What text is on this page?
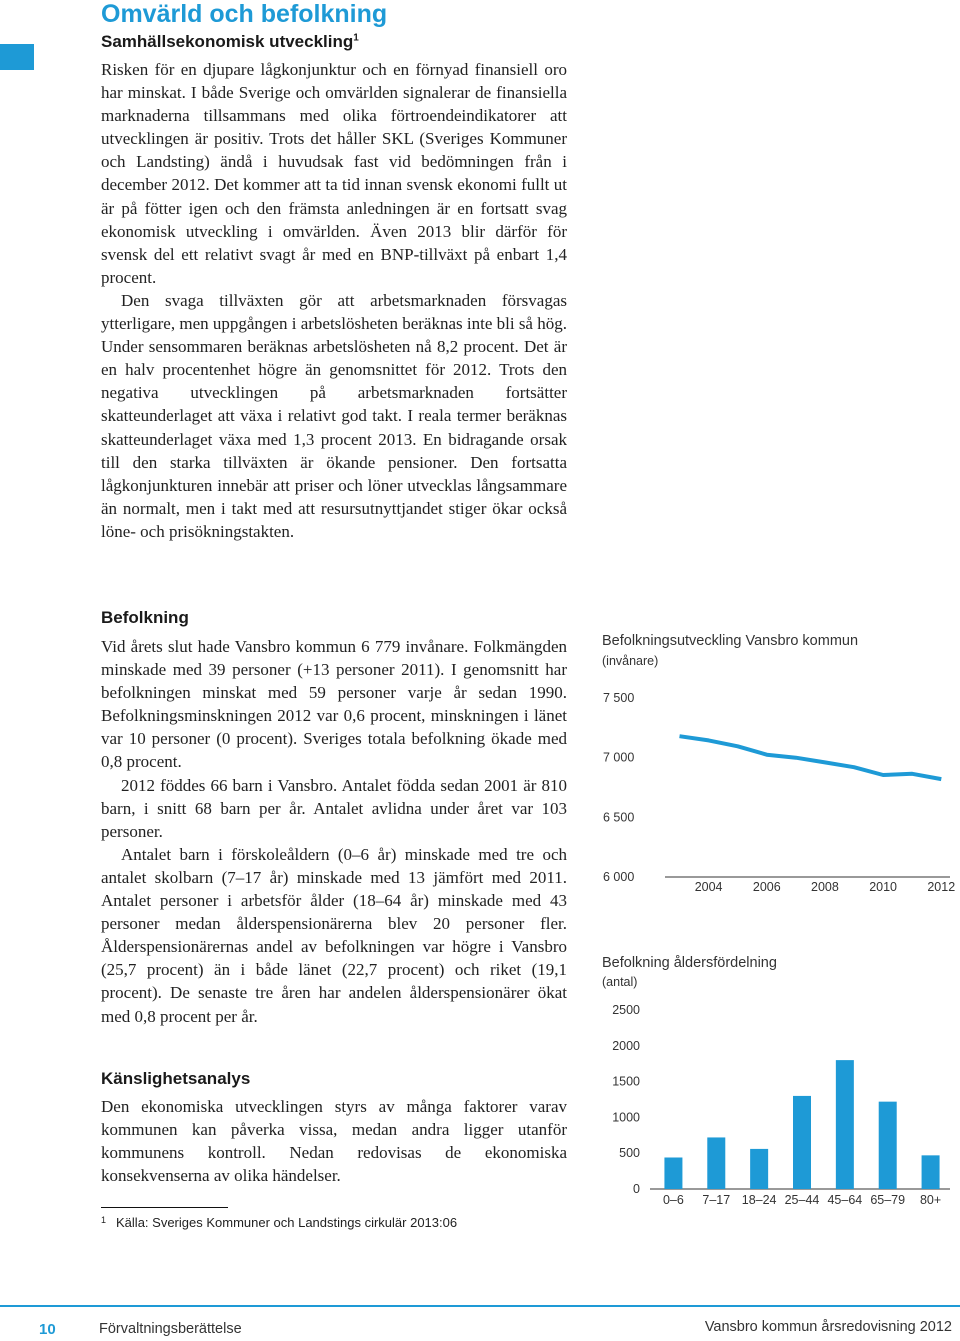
Omvärld och befolkning
Samhällsekonomisk utveckling$^1$

Risken för en djupare lågkonjunktur och en förnyad finansiell oro har minskat. I både Sverige och omvärlden signalerar de finansiella marknaderna tillsammans med olika förtroendeindikatorer att utvecklingen är positiv. Trots det håller SKL (Sveriges Kommuner och Landsting) ändå i huvudsak fast vid bedömningen från i december 2012. Det kommer att ta tid innan svensk ekonomi fullt ut är på fötter igen och den främsta anledningen är en fortsatt svag ekonomisk utveckling i omvärlden. Även 2013 blir därför för svensk del ett relativt svagt år med en BNP-tillväxt på enbart 1,4 procent.

Den svaga tillväxten gör att arbetsmarknaden försvagas ytterligare, men uppgången i arbetslösheten beräknas inte bli så hög. Under sensommaren beräknas arbetslösheten nå 8,2 procent. Det är en halv procentenhet högre än genomsnittet för 2012. Trots den negativa utvecklingen på arbetsmarknaden fortsätter skatteunderlaget att växa i relativt god takt. I reala termer beräknas skatteunderlaget växa med 1,3 procent 2013. En bidragande orsak till den starka tillväxten är ökande pensioner. Den fortsatta lågkonjunkturen innebär att priser och löner utvecklas långsammare än normalt, men i takt med att resursutnyttjandet stiger ökar också löne- och prisökningstakten.

Befolkning

Vid årets slut hade Vansbro kommun 6 779 invånare. Folkmängden minskade med 39 personer (+13 personer 2011). I genomsnitt har befolkningen minskat med 59 personer varje år sedan 1990. Befolkningsminskningen 2012 var 0,6 procent, minskningen i länet var 10 personer (0 procent). Sveriges totala befolkning ökade med 0,8 procent.

2012 föddes 66 barn i Vansbro. Antalet födda sedan 2001 är 810 barn, i snitt 68 barn per år. Antalet avlidna under året var 103 personer.

Antalet barn i förskoleåldern (0–6 år) minskade med tre och antalet skolbarn (7–17 år) minskade med 13 jämfört med 2011. Antalet personer i arbetsför ålder (18–64 år) minskade med 43 personer medan ålderspensionärerna blev 20 personer fler. Ålderspensionärernas andel av befolkningen var högre i Vansbro (25,7 procent) än i både länet (22,7 procent) och riket (19,1 procent). De senaste tre åren har andelen ålderspensionärer ökat med 0,8 procent per år.

Känslighetsanalys

Den ekonomiska utvecklingen styrs av många faktorer varav kommunen kan påverka vissa, medan andra ligger utanför kommunens kontroll. Nedan redovisas de ekonomiska konsekvenserna av olika händelser.

$^1$ Källa: Sveriges Kommuner och Landstings cirkulär 2013:06
Befolkningsutveckling Vansbro kommun
(invånare)
7 500
7 000
6 500
6 000
2004 2006 2008 2010 2012
Befolkning åldersfördelning
(antal)
2500
2000
1500
1000
500
0
0–6 7–17 18–24 25–44 45–64 65–79 80+
10	Förvaltningsberättelse	Vansbro kommun årsredovisning 2012
